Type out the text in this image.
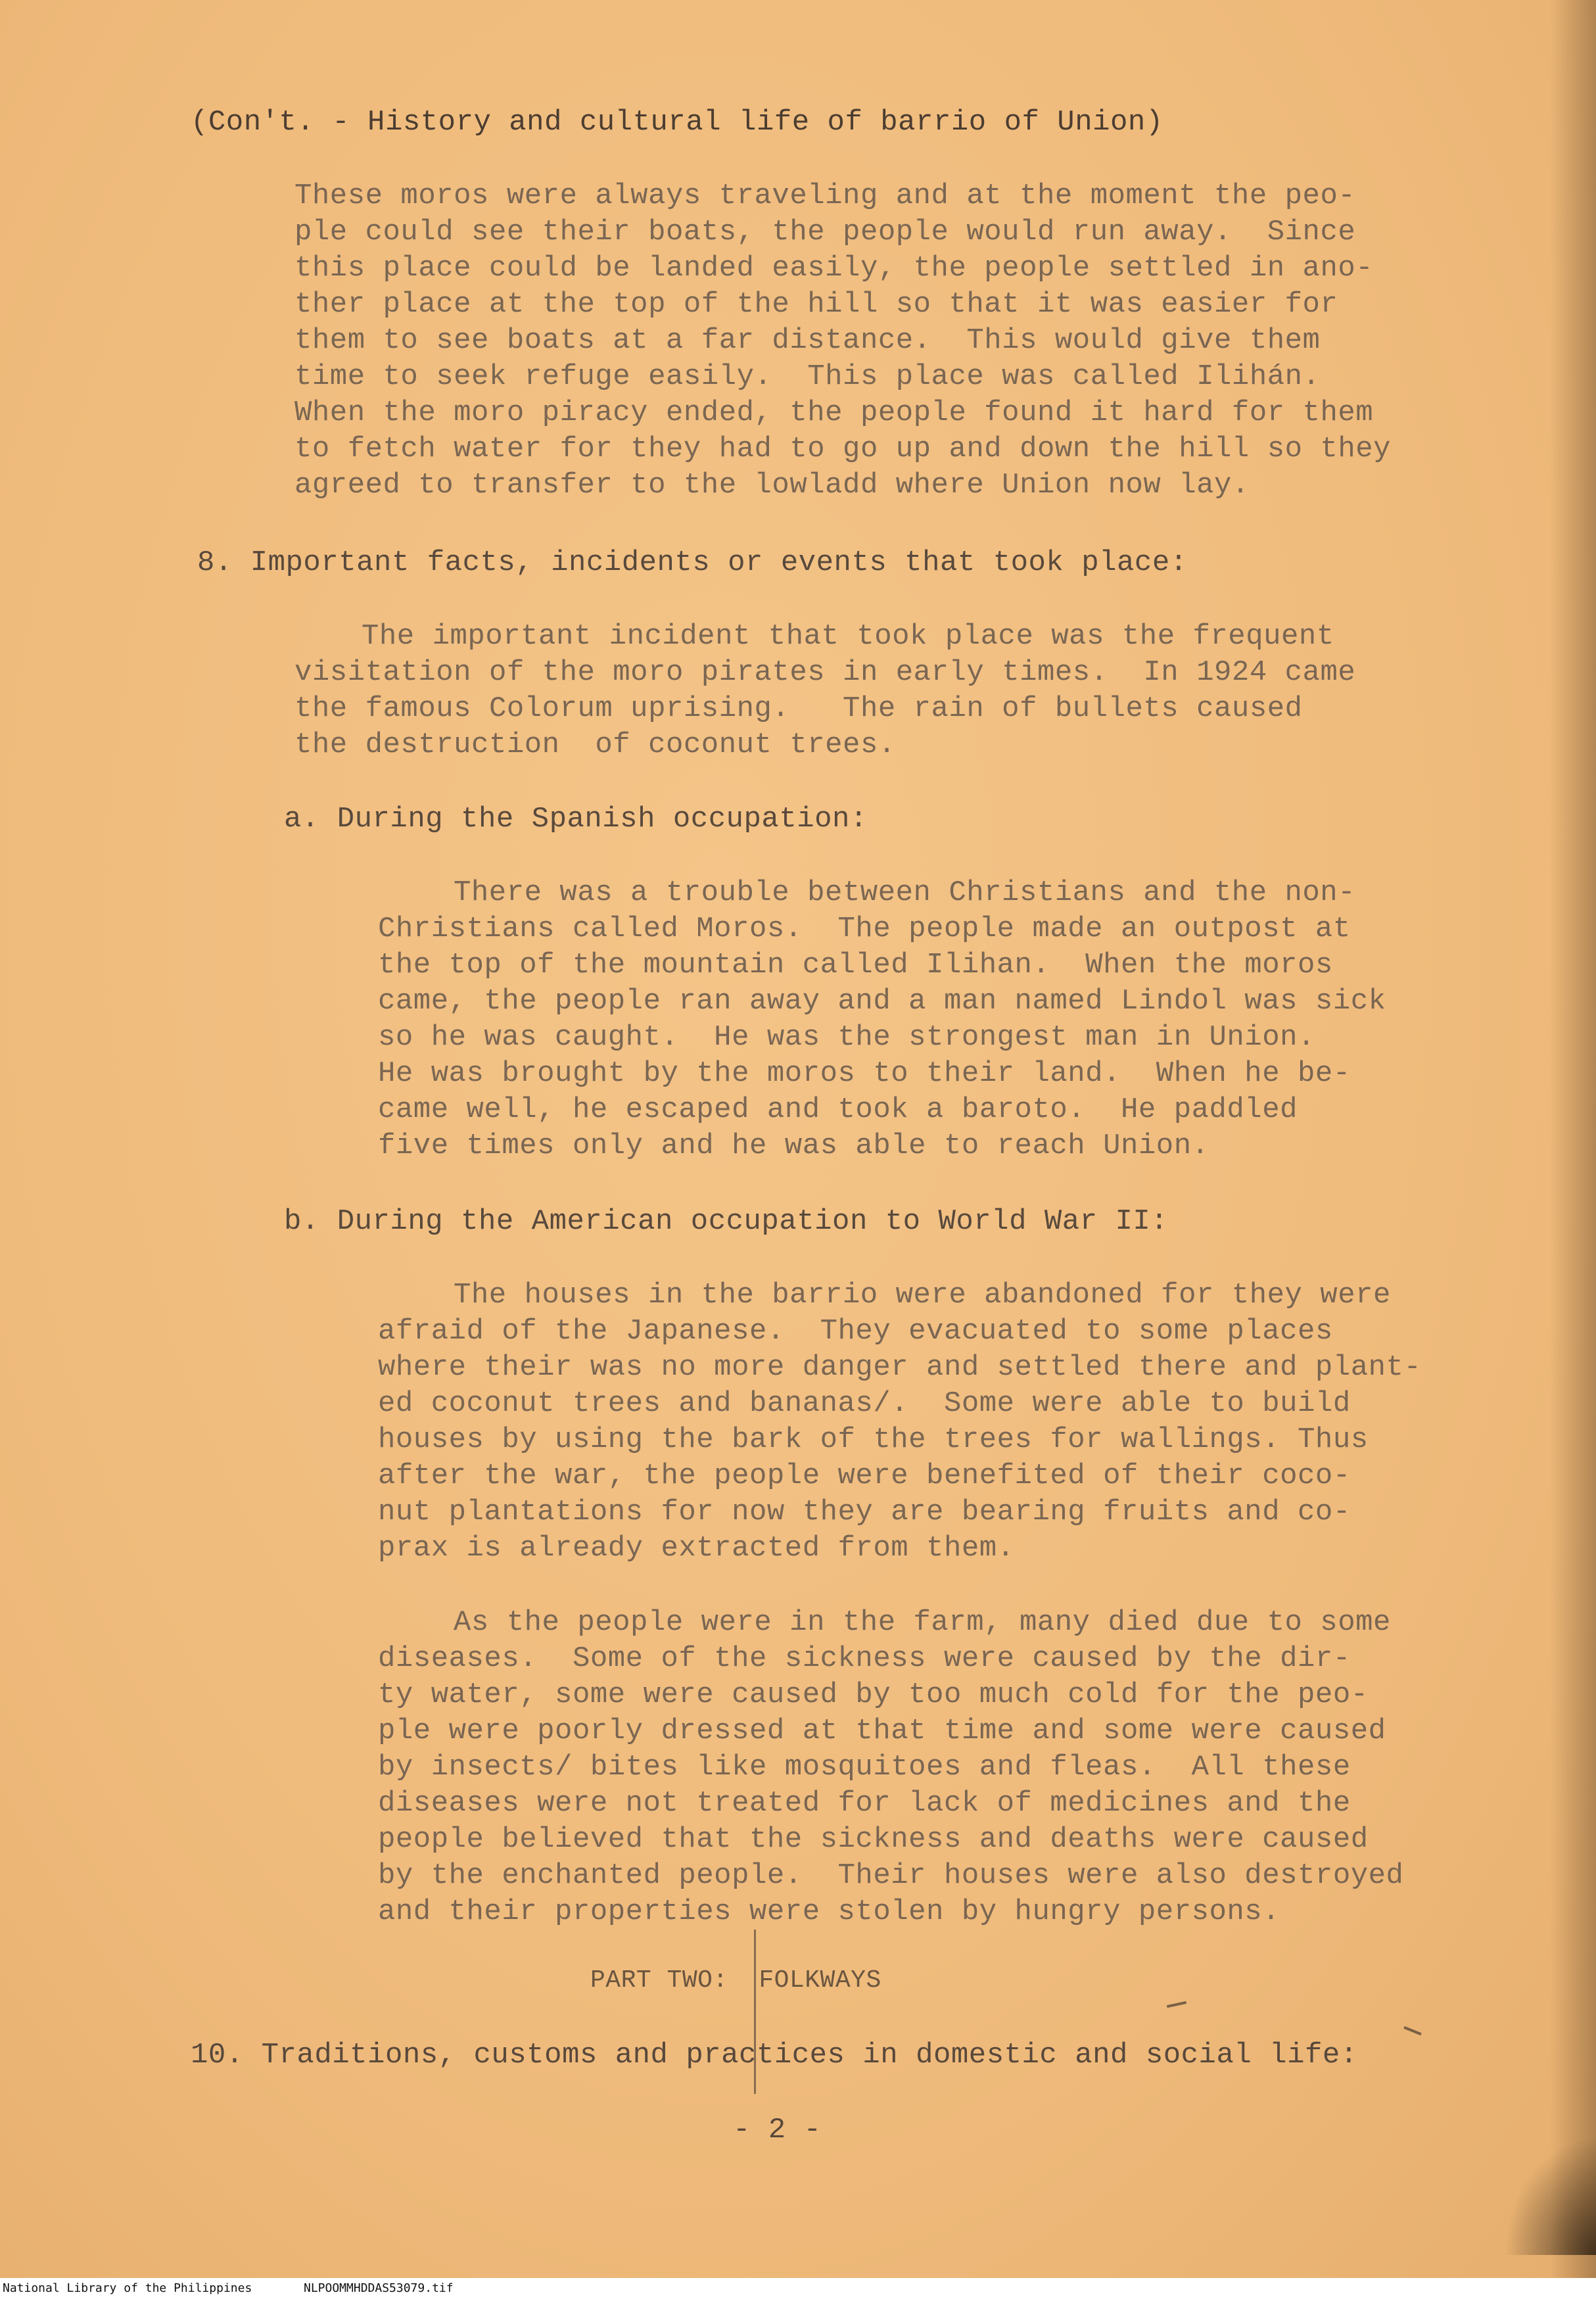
(Con't. - History and cultural life of barrio of Union)
These moros were always traveling and at the moment the peo-
ple could see their boats, the people would run away.  Since
this place could be landed easily, the people settled in ano-
ther place at the top of the hill so that it was easier for
them to see boats at a far distance.  This would give them
time to seek refuge easily.  This place was called Ilihán.
When the moro piracy ended, the people found it hard for them
to fetch water for they had to go up and down the hill so they
agreed to transfer to the lowladd where Union now lay.
8. Important facts, incidents or events that took place:
The important incident that took place was the frequent
visitation of the moro pirates in early times.  In 1924 came
the famous Colorum uprising.   The rain of bullets caused
the destruction  of coconut trees.
a. During the Spanish occupation:
There was a trouble between Christians and the non-
Christians called Moros.  The people made an outpost at
the top of the mountain called Ilihan.  When the moros
came, the people ran away and a man named Lindol was sick
so he was caught.  He was the strongest man in Union.
He was brought by the moros to their land.  When he be-
came well, he escaped and took a baroto.  He paddled
five times only and he was able to reach Union.
b. During the American occupation to World War II:
The houses in the barrio were abandoned for they were
afraid of the Japanese.  They evacuated to some places
where their was no more danger and settled there and plant-
ed coconut trees and bananas/.  Some were able to build
houses by using the bark of the trees for wallings. Thus
after the war, the people were benefited of their coco-
nut plantations for now they are bearing fruits and co-
prax is already extracted from them.
As the people were in the farm, many died due to some
diseases.  Some of the sickness were caused by the dir-
ty water, some were caused by too much cold for the peo-
ple were poorly dressed at that time and some were caused
by insects/ bites like mosquitoes and fleas.  All these
diseases were not treated for lack of medicines and the
people believed that the sickness and deaths were caused
by the enchanted people.  Their houses were also destroyed
and their properties were stolen by hungry persons.
PART TWO:  FOLKWAYS
10. Traditions, customs and practices in domestic and social life:
- 2 -
National Library of the Philippines	NLPOOMMHDDAS53079.tif
